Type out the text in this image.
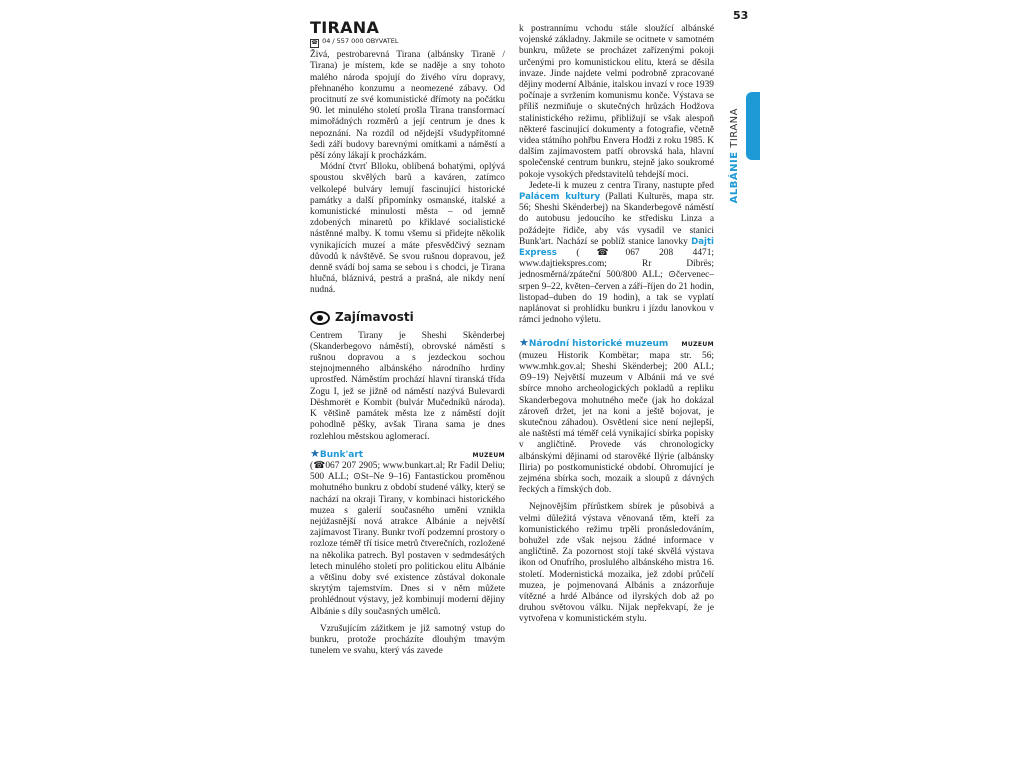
53
ALBÁNIE TIRANA
TIRANA
☎ 04 / 557 000 OBYVATEL

Živá, pestrobarevná Tirana (albánsky Tiranë / Tirana) je místem, kde se naděje a sny tohoto malého národa spojují do živého víru dopravy, přehnaného konzumu a neomezené zábavy. Od procitnutí ze své komunistické dřímoty na počátku 90. let minulého století prošla Tirana transformací mimořádných rozměrů a její centrum je dnes k nepoznání. Na rozdíl od nějdejší všudypřítomné šedi září budovy barevnými omítkami a náměstí a pěší zóny lákají k procházkám.

Módní čtvrť Blloku, oblíbená bohatými, oplývá spoustou skvělých barů a kaváren, zatímco velkolepé bulváry lemují fascinující historické památky a další připomínky osmanské, italské a komunistické minulosti města – od jemně zdobených minaretů po křiklavé socialistické nástěnné malby. K tomu všemu si přidejte několik vynikajících muzeí a máte přesvědčivý seznam důvodů k návštěvě. Se svou rušnou dopravou, jež denně svádí boj sama se sebou i s chodci, je Tirana hlučná, bláznivá, pestrá a prašná, ale nikdy není nudná.

Zajímavosti

Centrem Tirany je Sheshi Skënderbej (Skanderbegovo náměstí), obrovské náměstí s rušnou dopravou a s jezdeckou sochou stejnojmenného albánského národního hrdiny uprostřed. Náměstím prochází hlavní tiranská třída Zogu I, jež se jižně od náměstí nazývá Bulevardi Dëshmorët e Kombit (bulvár Mučedníků národa). K většině památek města lze z náměstí dojít pohodlně pěšky, avšak Tirana sama je dnes rozlehlou městskou aglomerací.

★Bunk'art	MUZEUM

(☎067 207 2905; www.bunkart.al; Rr Fadil Deliu; 500 ALL; ⊙St–Ne 9–16) Fantastickou proměnou mohutného bunkru z období studené války, který se nachází na okraji Tirany, v kombinaci historického muzea s galerií současného umění vznikla nejúžasnější nová atrakce Albánie a největší zajímavost Tirany. Bunkr tvoří podzemní prostory o rozloze téměř tří tisíce metrů čtverečních, rozložené na několika patrech. Byl postaven v sedmdesátých letech minulého století pro politickou elitu Albánie a většinu doby své existence zůstával dokonale skrytým tajemstvím. Dnes si v něm můžete prohlédnout výstavy, jež kombinují moderní dějiny Albánie s díly současných umělců.

Vzrušujícím zážitkem je již samotný vstup do bunkru, protože procházíte dlouhým tmavým tunelem ve svahu, který vás zavede

k postrannímu vchodu stále sloužící albánské vojenské základny. Jakmile se ocitnete v samotném bunkru, můžete se procházet zařízenými pokoji určenými pro komunistickou elitu, která se děsila invaze. Jinde najdete velmi podrobně zpracované dějiny moderní Albánie, italskou invazí v roce 1939 počínaje a svržením komunismu konče. Výstava se příliš nezmiňuje o skutečných hrůzách Hodžova stalinistického režimu, přibližují se však alespoň některé fascinující dokumenty a fotografie, včetně videa státního pohřbu Envera Hodži z roku 1985. K dalším zajímavostem patří obrovská hala, hlavní společenské centrum bunkru, stejně jako soukromé pokoje vysokých představitelů tehdejší moci.

Jedete-li k muzeu z centra Tirany, nastupte před Palácem kultury (Pallati Kulturës, mapa str. 56; Sheshi Skënderbej) na Skanderbegově náměstí do autobusu jedoucího ke středisku Linza a požádejte řidiče, aby vás vysadil ve stanici Bunk'art. Nachází se poblíž stanice lanovky Dajti Express (☎067 208 4471; www.dajtiekspres.com; Rr Dibrës; jednosměrná/zpáteční 500/800 ALL; ⊙červenec–srpen 9–22, květen–červen a září–říjen do 21 hodin, listopad–duben do 19 hodin), a tak se vyplatí naplánovat si prohlídku bunkru i jízdu lanovkou v rámci jednoho výletu.

★Národní historické muzeum MUZEUM

(muzeu Historik Kombëtar; mapa str. 56; www.mhk.gov.al; Sheshi Skënderbej; 200 ALL; ⊙9–19) Největší muzeum v Albánii má ve své sbírce mnoho archeologických pokladů a repliku Skanderbegova mohutného meče (jak ho dokázal zároveň držet, jet na koni a ještě bojovat, je skutečnou záhadou). Osvětlení sice není nejlepší, ale naštěstí má téměř celá vynikající sbírka popisky v angličtině. Provede vás chronologicky albánskými dějinami od starověké Ilýrie (albánsky Iliria) po postkomunistické období. Ohromující je zejména sbírka soch, mozaik a sloupů z dávných řeckých a římských dob.

Nejnovějším přírůstkem sbírek je působivá a velmi důležitá výstava věnovaná těm, kteří za komunistického režimu trpěli pronásledováním, bohužel zde však nejsou žádné informace v angličtině. Za pozornost stojí také skvělá výstava ikon od Onufrího, proslulého albánského mistra 16. století. Modernistická mozaika, jež zdobí průčelí muzea, je pojmenovaná Albánis a znázorňuje vítězné a hrdé Albánce od ilyrských dob až po druhou světovou válku. Nijak nepřekvapí, že je vytvořena v komunistickém stylu.
